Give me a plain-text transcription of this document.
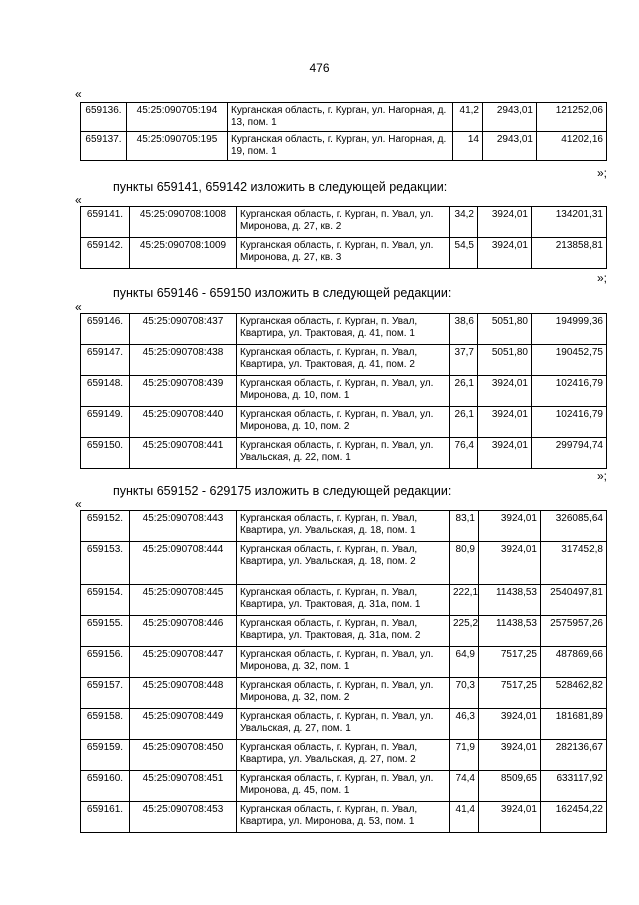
476
«
659136.	45:25:090705:194	Курганская область, г. Курган, ул. Нагорная, д. 13, пом. 1	41,2	2943,01	121252,06
659137.	45:25:090705:195	Курганская область, г. Курган, ул. Нагорная, д. 19, пом. 1	14	2943,01	41202,16
»;
пункты 659141, 659142 изложить в следующей редакции:
«
659141.	45:25:090708:1008	Курганская область, г. Курган, п. Увал, ул. Миронова, д. 27, кв. 2	34,2	3924,01	134201,31
659142.	45:25:090708:1009	Курганская область, г. Курган, п. Увал, ул. Миронова, д. 27, кв. 3	54,5	3924,01	213858,81
»;
пункты 659146 - 659150 изложить в следующей редакции:
«
659146.	45:25:090708:437	Курганская область, г. Курган, п. Увал, Квартира, ул. Трактовая, д. 41, пом. 1	38,6	5051,80	194999,36
659147.	45:25:090708:438	Курганская область, г. Курган, п. Увал, Квартира, ул. Трактовая, д. 41, пом. 2	37,7	5051,80	190452,75
659148.	45:25:090708:439	Курганская область, г. Курган, п. Увал, ул. Миронова, д. 10, пом. 1	26,1	3924,01	102416,79
659149.	45:25:090708:440	Курганская область, г. Курган, п. Увал, ул. Миронова, д. 10, пом. 2	26,1	3924,01	102416,79
659150.	45:25:090708:441	Курганская область, г. Курган, п. Увал, ул. Увальская, д. 22, пом. 1	76,4	3924,01	299794,74
»;
пункты 659152 - 629175 изложить в следующей редакции:
«
659152.	45:25:090708:443	Курганская область, г. Курган, п. Увал, Квартира, ул. Увальская, д. 18, пом. 1	83,1	3924,01	326085,64
659153.	45:25:090708:444	Курганская область, г. Курган, п. Увал, Квартира, ул. Увальская, д. 18, пом. 2	80,9	3924,01	317452,8
659154.	45:25:090708:445	Курганская область, г. Курган, п. Увал, Квартира, ул. Трактовая, д. 31а, пом. 1	222,1	11438,53	2540497,81
659155.	45:25:090708:446	Курганская область, г. Курган, п. Увал, Квартира, ул. Трактовая, д. 31а, пом. 2	225,2	11438,53	2575957,26
659156.	45:25:090708:447	Курганская область, г. Курган, п. Увал, ул. Миронова, д. 32, пом. 1	64,9	7517,25	487869,66
659157.	45:25:090708:448	Курганская область, г. Курган, п. Увал, ул. Миронова, д. 32, пом. 2	70,3	7517,25	528462,82
659158.	45:25:090708:449	Курганская область, г. Курган, п. Увал, ул. Увальская, д. 27, пом. 1	46,3	3924,01	181681,89
659159.	45:25:090708:450	Курганская область, г. Курган, п. Увал, Квартира, ул. Увальская, д. 27, пом. 2	71,9	3924,01	282136,67
659160.	45:25:090708:451	Курганская область, г. Курган, п. Увал, ул. Миронова, д. 45, пом. 1	74,4	8509,65	633117,92
659161.	45:25:090708:453	Курганская область, г. Курган, п. Увал, Квартира, ул. Миронова, д. 53, пом. 1	41,4	3924,01	162454,22
